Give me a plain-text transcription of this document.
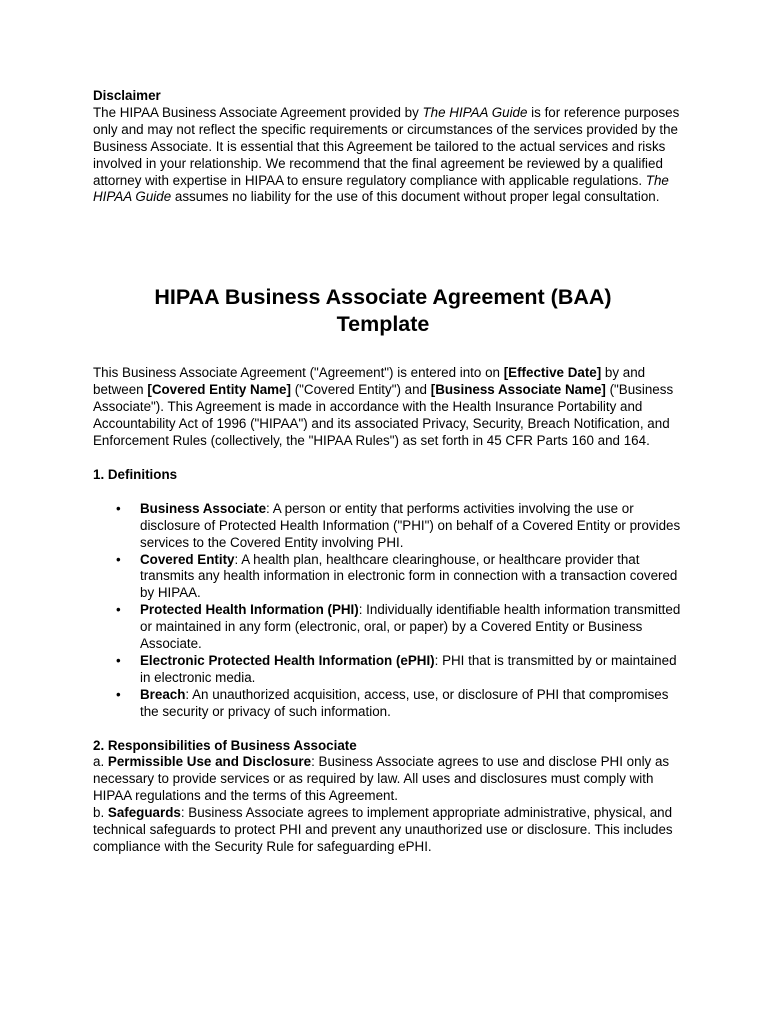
Disclaimer
The HIPAA Business Associate Agreement provided by The HIPAA Guide is for reference purposes only and may not reflect the specific requirements or circumstances of the services provided by the Business Associate. It is essential that this Agreement be tailored to the actual services and risks involved in your relationship. We recommend that the final agreement be reviewed by a qualified attorney with expertise in HIPAA to ensure regulatory compliance with applicable regulations. The HIPAA Guide assumes no liability for the use of this document without proper legal consultation.

HIPAA Business Associate Agreement (BAA)
Template

This Business Associate Agreement ("Agreement") is entered into on [Effective Date] by and between [Covered Entity Name] ("Covered Entity") and [Business Associate Name] ("Business Associate"). This Agreement is made in accordance with the Health Insurance Portability and Accountability Act of 1996 ("HIPAA") and its associated Privacy, Security, Breach Notification, and Enforcement Rules (collectively, the "HIPAA Rules") as set forth in 45 CFR Parts 160 and 164.

1. Definitions

• Business Associate: A person or entity that performs activities involving the use or disclosure of Protected Health Information ("PHI") on behalf of a Covered Entity or provides services to the Covered Entity involving PHI.
• Covered Entity: A health plan, healthcare clearinghouse, or healthcare provider that transmits any health information in electronic form in connection with a transaction covered by HIPAA.
• Protected Health Information (PHI): Individually identifiable health information transmitted or maintained in any form (electronic, oral, or paper) by a Covered Entity or Business Associate.
• Electronic Protected Health Information (ePHI): PHI that is transmitted by or maintained in electronic media.
• Breach: An unauthorized acquisition, access, use, or disclosure of PHI that compromises the security or privacy of such information.

2. Responsibilities of Business Associate

a. Permissible Use and Disclosure: Business Associate agrees to use and disclose PHI only as necessary to provide services or as required by law. All uses and disclosures must comply with HIPAA regulations and the terms of this Agreement.

b. Safeguards: Business Associate agrees to implement appropriate administrative, physical, and technical safeguards to protect PHI and prevent any unauthorized use or disclosure. This includes compliance with the Security Rule for safeguarding ePHI.
